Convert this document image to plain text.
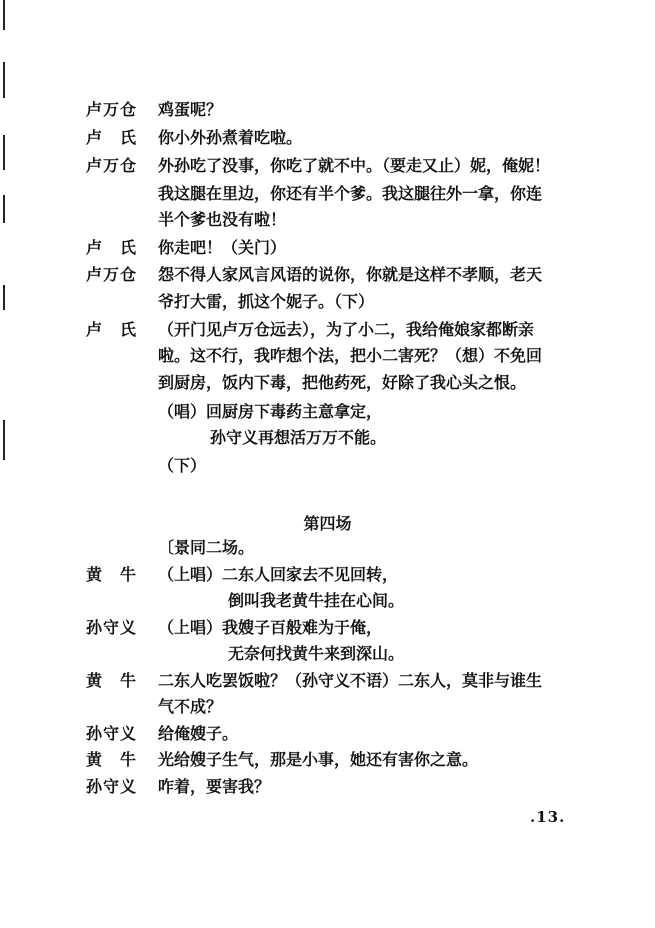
卢万仓 鸡蛋呢？
卢　氏 你小外孙煮着吃啦。
卢万仓 外孙吃了没事，你吃了就不中。（要走又止）妮，俺妮！
我这腿在里边，你还有半个爹。我这腿往外一拿，你连
半个爹也没有啦！
卢　氏 你走吧！（关门）
卢万仓 怨不得人家风言风语的说你，你就是这样不孝顺，老天
爷打大雷，抓这个妮子。（下）
卢　氏 （开门见卢万仓远去），为了小二，我给俺娘家都断亲
啦。这不行，我咋想个法，把小二害死？（想）不免回
到厨房，饭内下毒，把他药死，好除了我心头之恨。
（唱）回厨房下毒药主意拿定，
孙守义再想活万万不能。
（下）
第四场
〔景同二场。
黄　牛 （上唱）二东人回家去不见回转，
倒叫我老黄牛挂在心间。
孙守义 （上唱）我嫂子百般难为于俺，
无奈何找黄牛来到深山。
黄　牛 二东人吃罢饭啦？（孙守义不语）二东人，莫非与谁生
气不成？
孙守义 给俺嫂子。
黄　牛 光给嫂子生气，那是小事，她还有害你之意。
孙守义 咋着，要害我？
.13.
